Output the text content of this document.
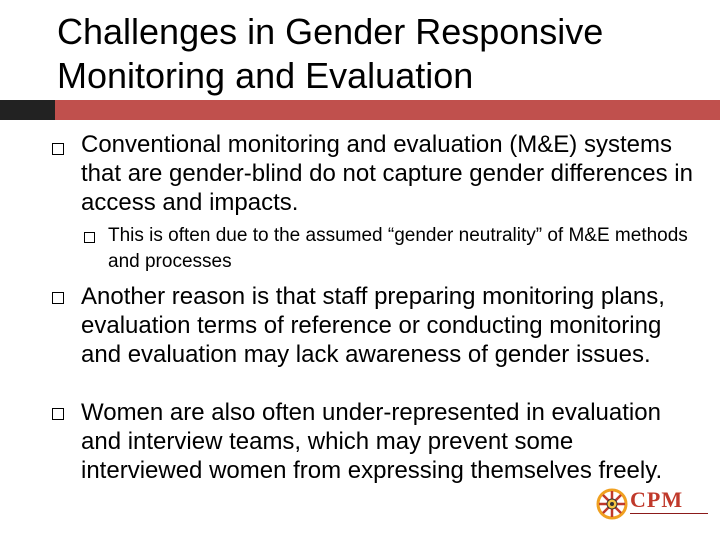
Challenges in Gender Responsive Monitoring and Evaluation
Conventional monitoring and evaluation (M&E) systems that are gender-blind do not capture gender differences in access and impacts.
This is often due to the assumed “gender neutrality” of M&E methods and processes
Another reason is that staff preparing monitoring plans, evaluation terms of reference or conducting monitoring and evaluation may lack awareness of gender issues.
Women are also often under-represented in evaluation and interview teams, which may prevent some interviewed women from expressing themselves freely.
CPM
